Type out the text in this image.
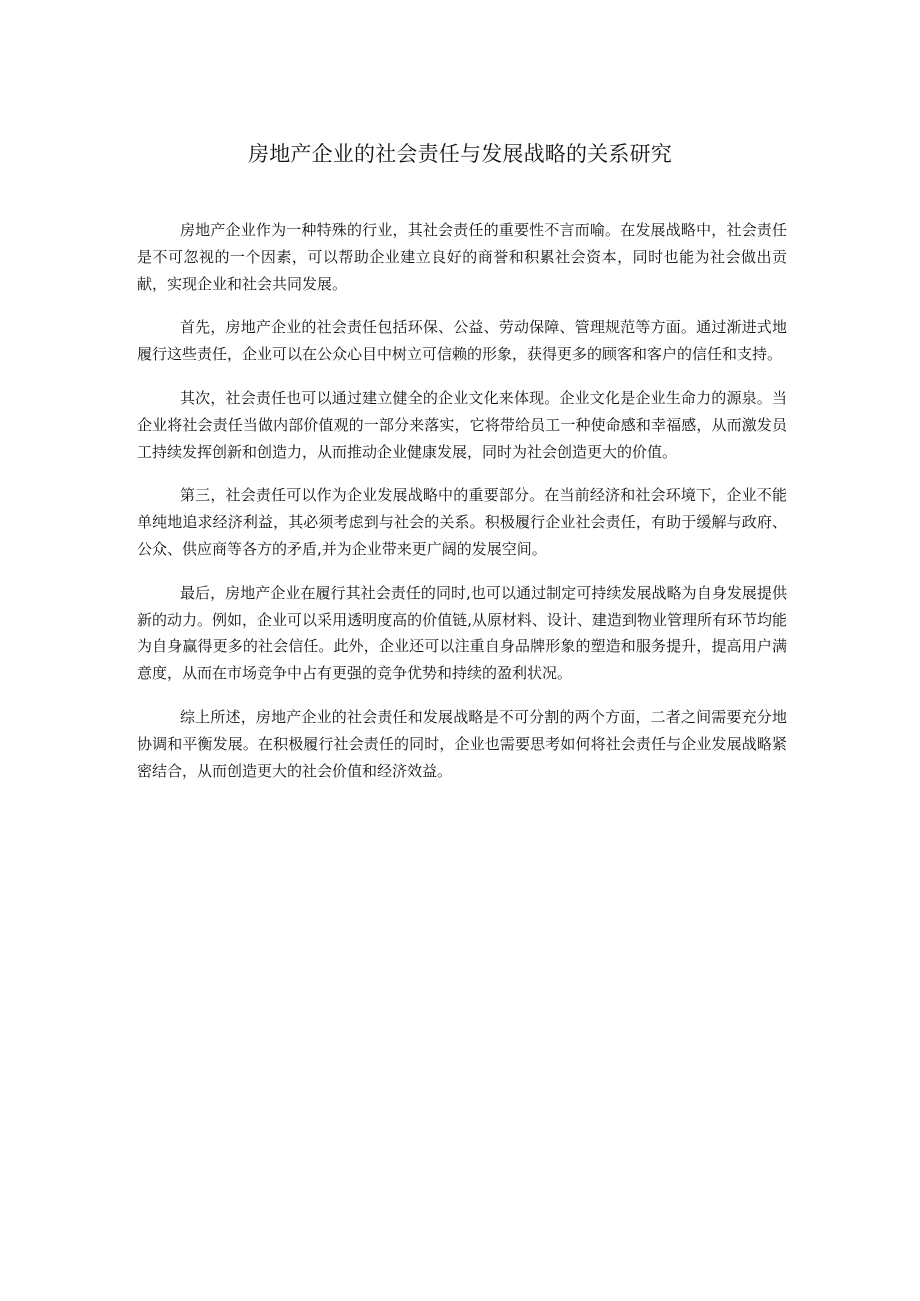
房地产企业的社会责任与发展战略的关系研究

房地产企业作为一种特殊的行业，其社会责任的重要性不言而喻。在发展战略中，社会责任是不可忽视的一个因素，可以帮助企业建立良好的商誉和积累社会资本，同时也能为社会做出贡献，实现企业和社会共同发展。

首先，房地产企业的社会责任包括环保、公益、劳动保障、管理规范等方面。通过渐进式地履行这些责任，企业可以在公众心目中树立可信赖的形象，获得更多的顾客和客户的信任和支持。

其次，社会责任也可以通过建立健全的企业文化来体现。企业文化是企业生命力的源泉。当企业将社会责任当做内部价值观的一部分来落实，它将带给员工一种使命感和幸福感，从而激发员工持续发挥创新和创造力，从而推动企业健康发展，同时为社会创造更大的价值。

第三，社会责任可以作为企业发展战略中的重要部分。在当前经济和社会环境下，企业不能单纯地追求经济利益，其必须考虑到与社会的关系。积极履行企业社会责任，有助于缓解与政府、公众、供应商等各方的矛盾,并为企业带来更广阔的发展空间。

最后，房地产企业在履行其社会责任的同时,也可以通过制定可持续发展战略为自身发展提供新的动力。例如，企业可以采用透明度高的价值链,从原材料、设计、建造到物业管理所有环节均能为自身赢得更多的社会信任。此外，企业还可以注重自身品牌形象的塑造和服务提升，提高用户满意度，从而在市场竞争中占有更强的竞争优势和持续的盈利状况。

综上所述，房地产企业的社会责任和发展战略是不可分割的两个方面，二者之间需要充分地协调和平衡发展。在积极履行社会责任的同时，企业也需要思考如何将社会责任与企业发展战略紧密结合，从而创造更大的社会价值和经济效益。
